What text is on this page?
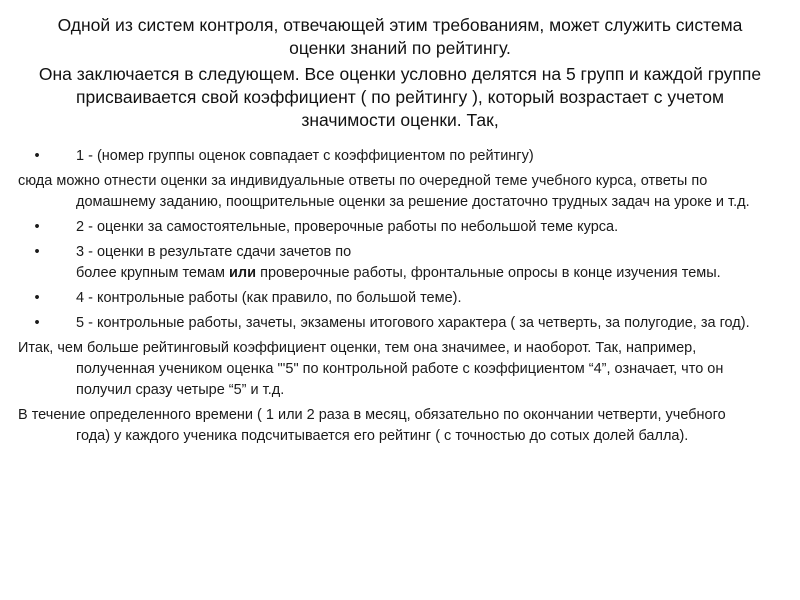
Одной из систем контроля, отвечающей этим требованиям, может служить система оценки знаний по рейтингу.

Она заключается в следующем. Все оценки условно делятся на 5 групп и каждой группе присваивается свой коэффициент ( по рейтингу ), который возрастает с учетом значимости оценки. Так,

•	1 - (номер группы оценок совпадает с коэффициентом по рейтингу)
сюда можно отнести оценки за индивидуальные ответы по очередной теме учебного курса, ответы по домашнему заданию, поощрительные оценки за решение достаточно трудных задач на уроке и т.д.
•	2 - оценки за самостоятельные, проверочные работы по небольшой теме курса.
•	3 - оценки в результате сдачи зачетов по
более крупным темам или проверочные работы, фронтальные опросы в конце изучения темы.
•	4 - контрольные работы (как правило, по большой теме).
•	5 - контрольные работы, зачеты, экзамены итогового характера ( за четверть, за полугодие, за год).
Итак, чем больше рейтинговый коэффициент оценки, тем она значимее, и наоборот. Так, например, полученная учеником оценка "'5" по контрольной работе с коэффициентом “4”, означает, что он получил сразу четыре “5” и т.д.
В течение определенного времени ( 1 или 2 раза в месяц, обязательно по окончании четверти, учебного года) у каждого ученика подсчитывается его рейтинг ( с точностью до сотых долей балла).
